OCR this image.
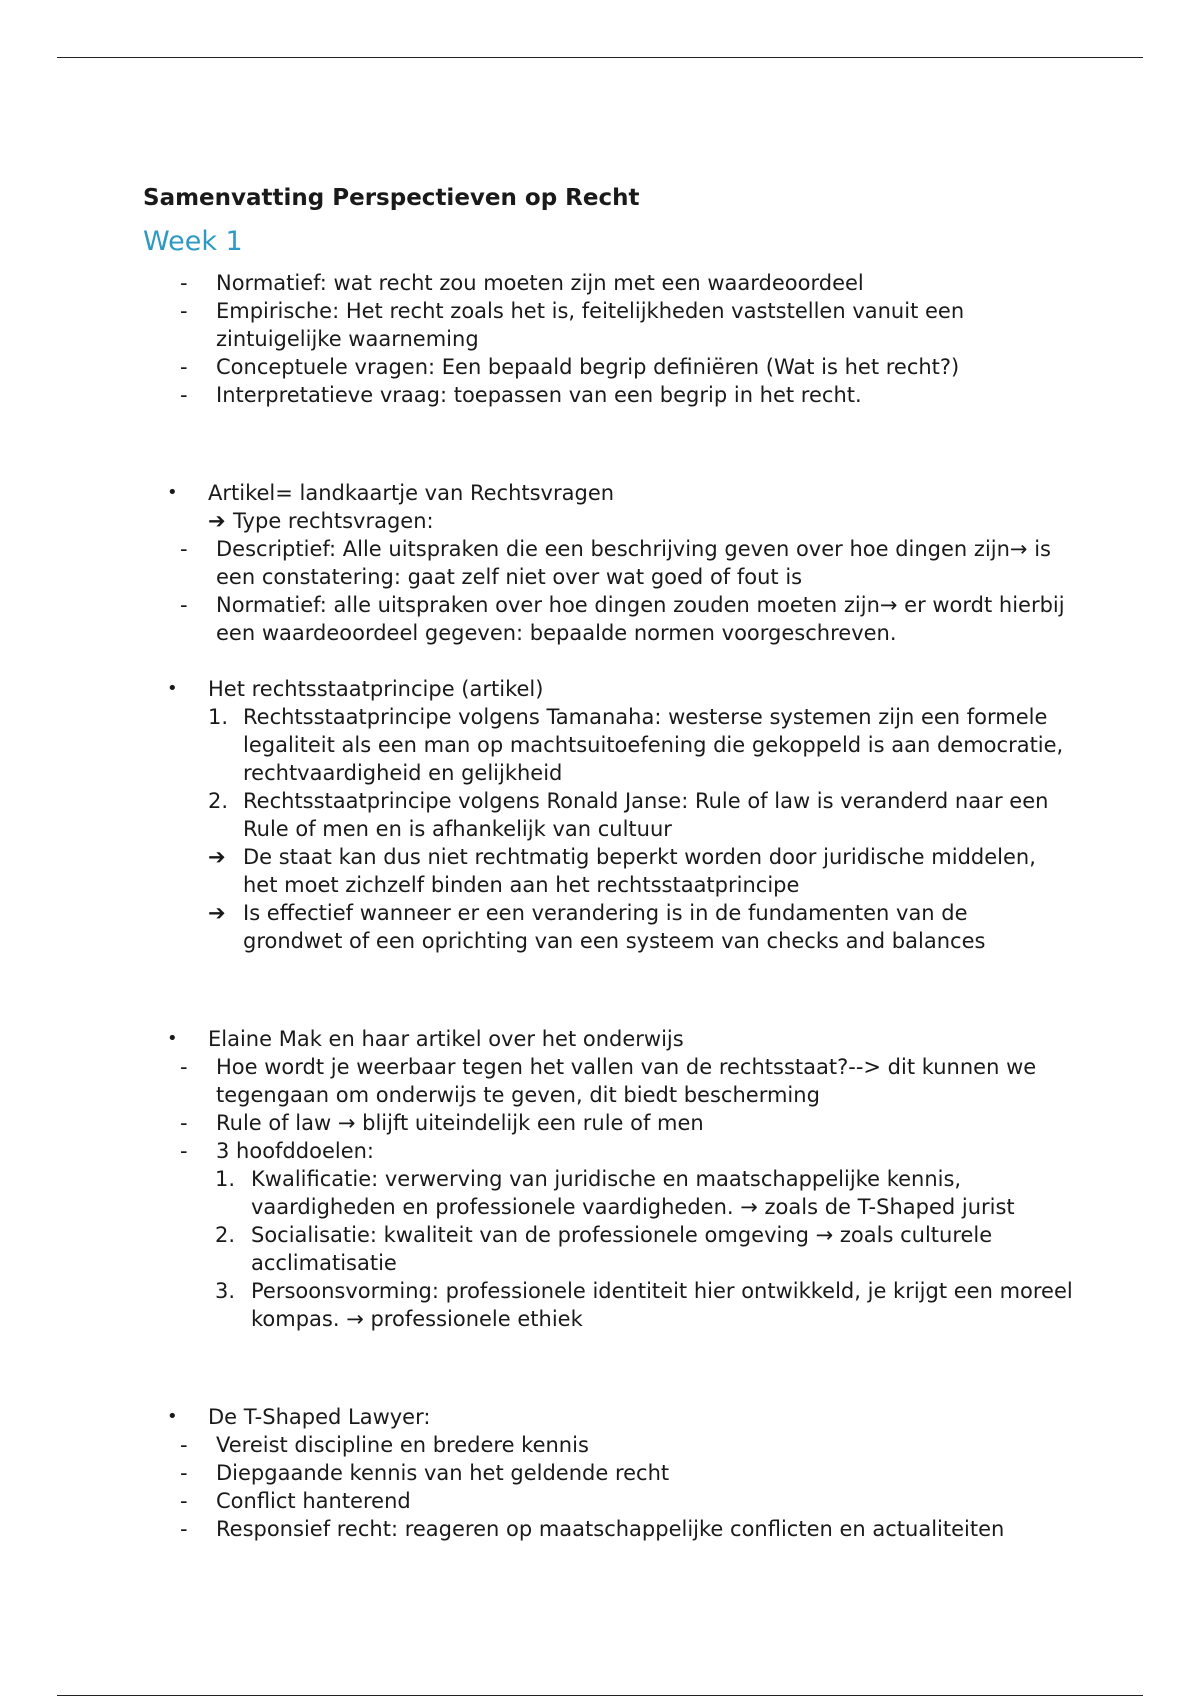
Samenvatting Perspectieven op Recht
Week 1
- Normatief: wat recht zou moeten zijn met een waardeoordeel
- Empirische: Het recht zoals het is, feitelijkheden vaststellen vanuit een zintuigelijke waarneming
- Conceptuele vragen: Een bepaald begrip definiëren (Wat is het recht?)
- Interpretatieve vraag: toepassen van een begrip in het recht.
• Artikel= landkaartje van Rechtsvragen
➔ Type rechtsvragen:
- Descriptief: Alle uitspraken die een beschrijving geven over hoe dingen zijn→ is een constatering: gaat zelf niet over wat goed of fout is
- Normatief: alle uitspraken over hoe dingen zouden moeten zijn→ er wordt hierbij een waardeoordeel gegeven: bepaalde normen voorgeschreven.
• Het rechtsstaatprincipe (artikel)
1. Rechtsstaatprincipe volgens Tamanaha: westerse systemen zijn een formele legaliteit als een man op machtsuitoefening die gekoppeld is aan democratie, rechtvaardigheid en gelijkheid
2. Rechtsstaatprincipe volgens Ronald Janse: Rule of law is veranderd naar een Rule of men en is afhankelijk van cultuur
➔ De staat kan dus niet rechtmatig beperkt worden door juridische middelen, het moet zichzelf binden aan het rechtsstaatprincipe
➔ Is effectief wanneer er een verandering is in de fundamenten van de grondwet of een oprichting van een systeem van checks and balances
• Elaine Mak en haar artikel over het onderwijs
- Hoe wordt je weerbaar tegen het vallen van de rechtsstaat?--> dit kunnen we tegengaan om onderwijs te geven, dit biedt bescherming
- Rule of law → blijft uiteindelijk een rule of men
- 3 hoofddoelen:
1. Kwalificatie: verwerving van juridische en maatschappelijke kennis, vaardigheden en professionele vaardigheden. → zoals de T-Shaped jurist
2. Socialisatie: kwaliteit van de professionele omgeving → zoals culturele acclimatisatie
3. Persoonsvorming: professionele identiteit hier ontwikkeld, je krijgt een moreel kompas. → professionele ethiek
• De T-Shaped Lawyer:
- Vereist discipline en bredere kennis
- Diepgaande kennis van het geldende recht
- Conflict hanterend
- Responsief recht: reageren op maatschappelijke conflicten en actualiteiten
